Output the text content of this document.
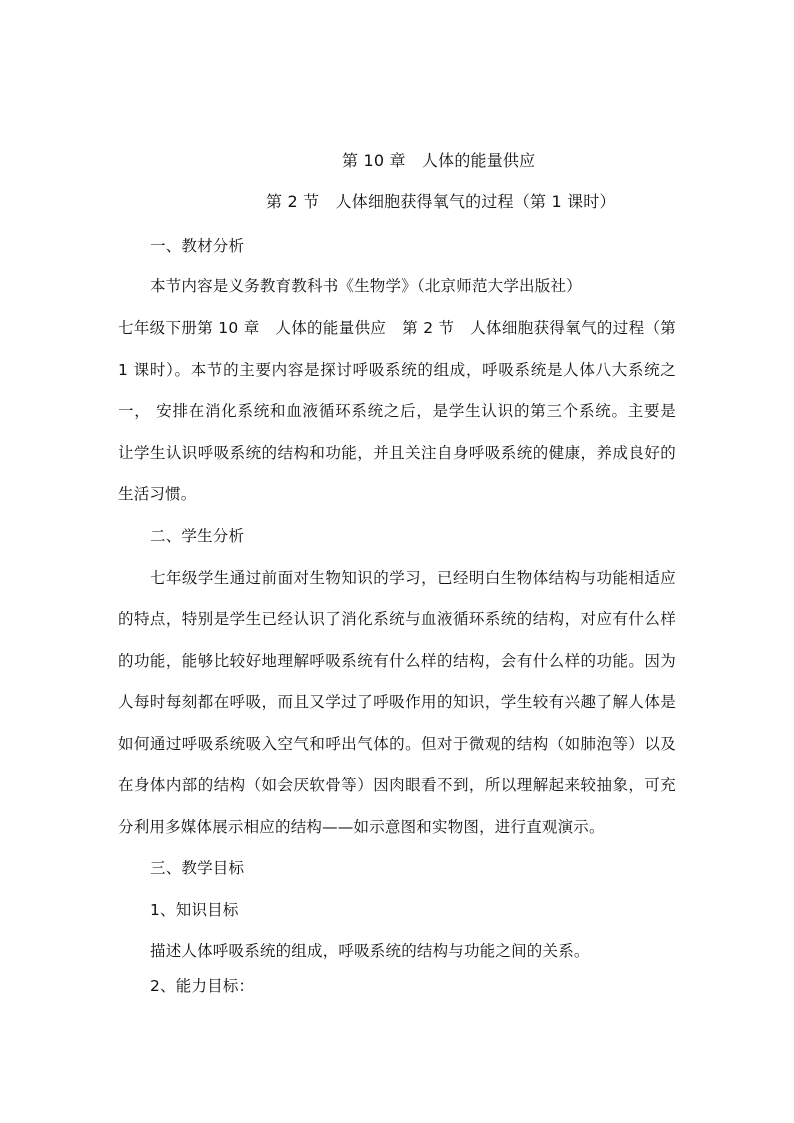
第 10 章　人体的能量供应
第 2 节　人体细胞获得氧气的过程（第 1 课时）
一、教材分析
本节内容是义务教育教科书《生物学》（北京师范大学出版社）
七年级下册第 10 章　人体的能量供应　第 2 节　人体细胞获得氧气的过程（第
1 课时）。本节的主要内容是探讨呼吸系统的组成，呼吸系统是人体八大系统之
一， 安排在消化系统和血液循环系统之后，是学生认识的第三个系统。主要是
让学生认识呼吸系统的结构和功能，并且关注自身呼吸系统的健康，养成良好的
生活习惯。
二、学生分析
七年级学生通过前面对生物知识的学习，已经明白生物体结构与功能相适应
的特点，特别是学生已经认识了消化系统与血液循环系统的结构，对应有什么样
的功能，能够比较好地理解呼吸系统有什么样的结构，会有什么样的功能。因为
人每时每刻都在呼吸，而且又学过了呼吸作用的知识，学生较有兴趣了解人体是
如何通过呼吸系统吸入空气和呼出气体的。但对于微观的结构（如肺泡等）以及
在身体内部的结构（如会厌软骨等）因肉眼看不到，所以理解起来较抽象，可充
分利用多媒体展示相应的结构——如示意图和实物图，进行直观演示。
三、教学目标
1、知识目标
描述人体呼吸系统的组成，呼吸系统的结构与功能之间的关系。
2、能力目标：
